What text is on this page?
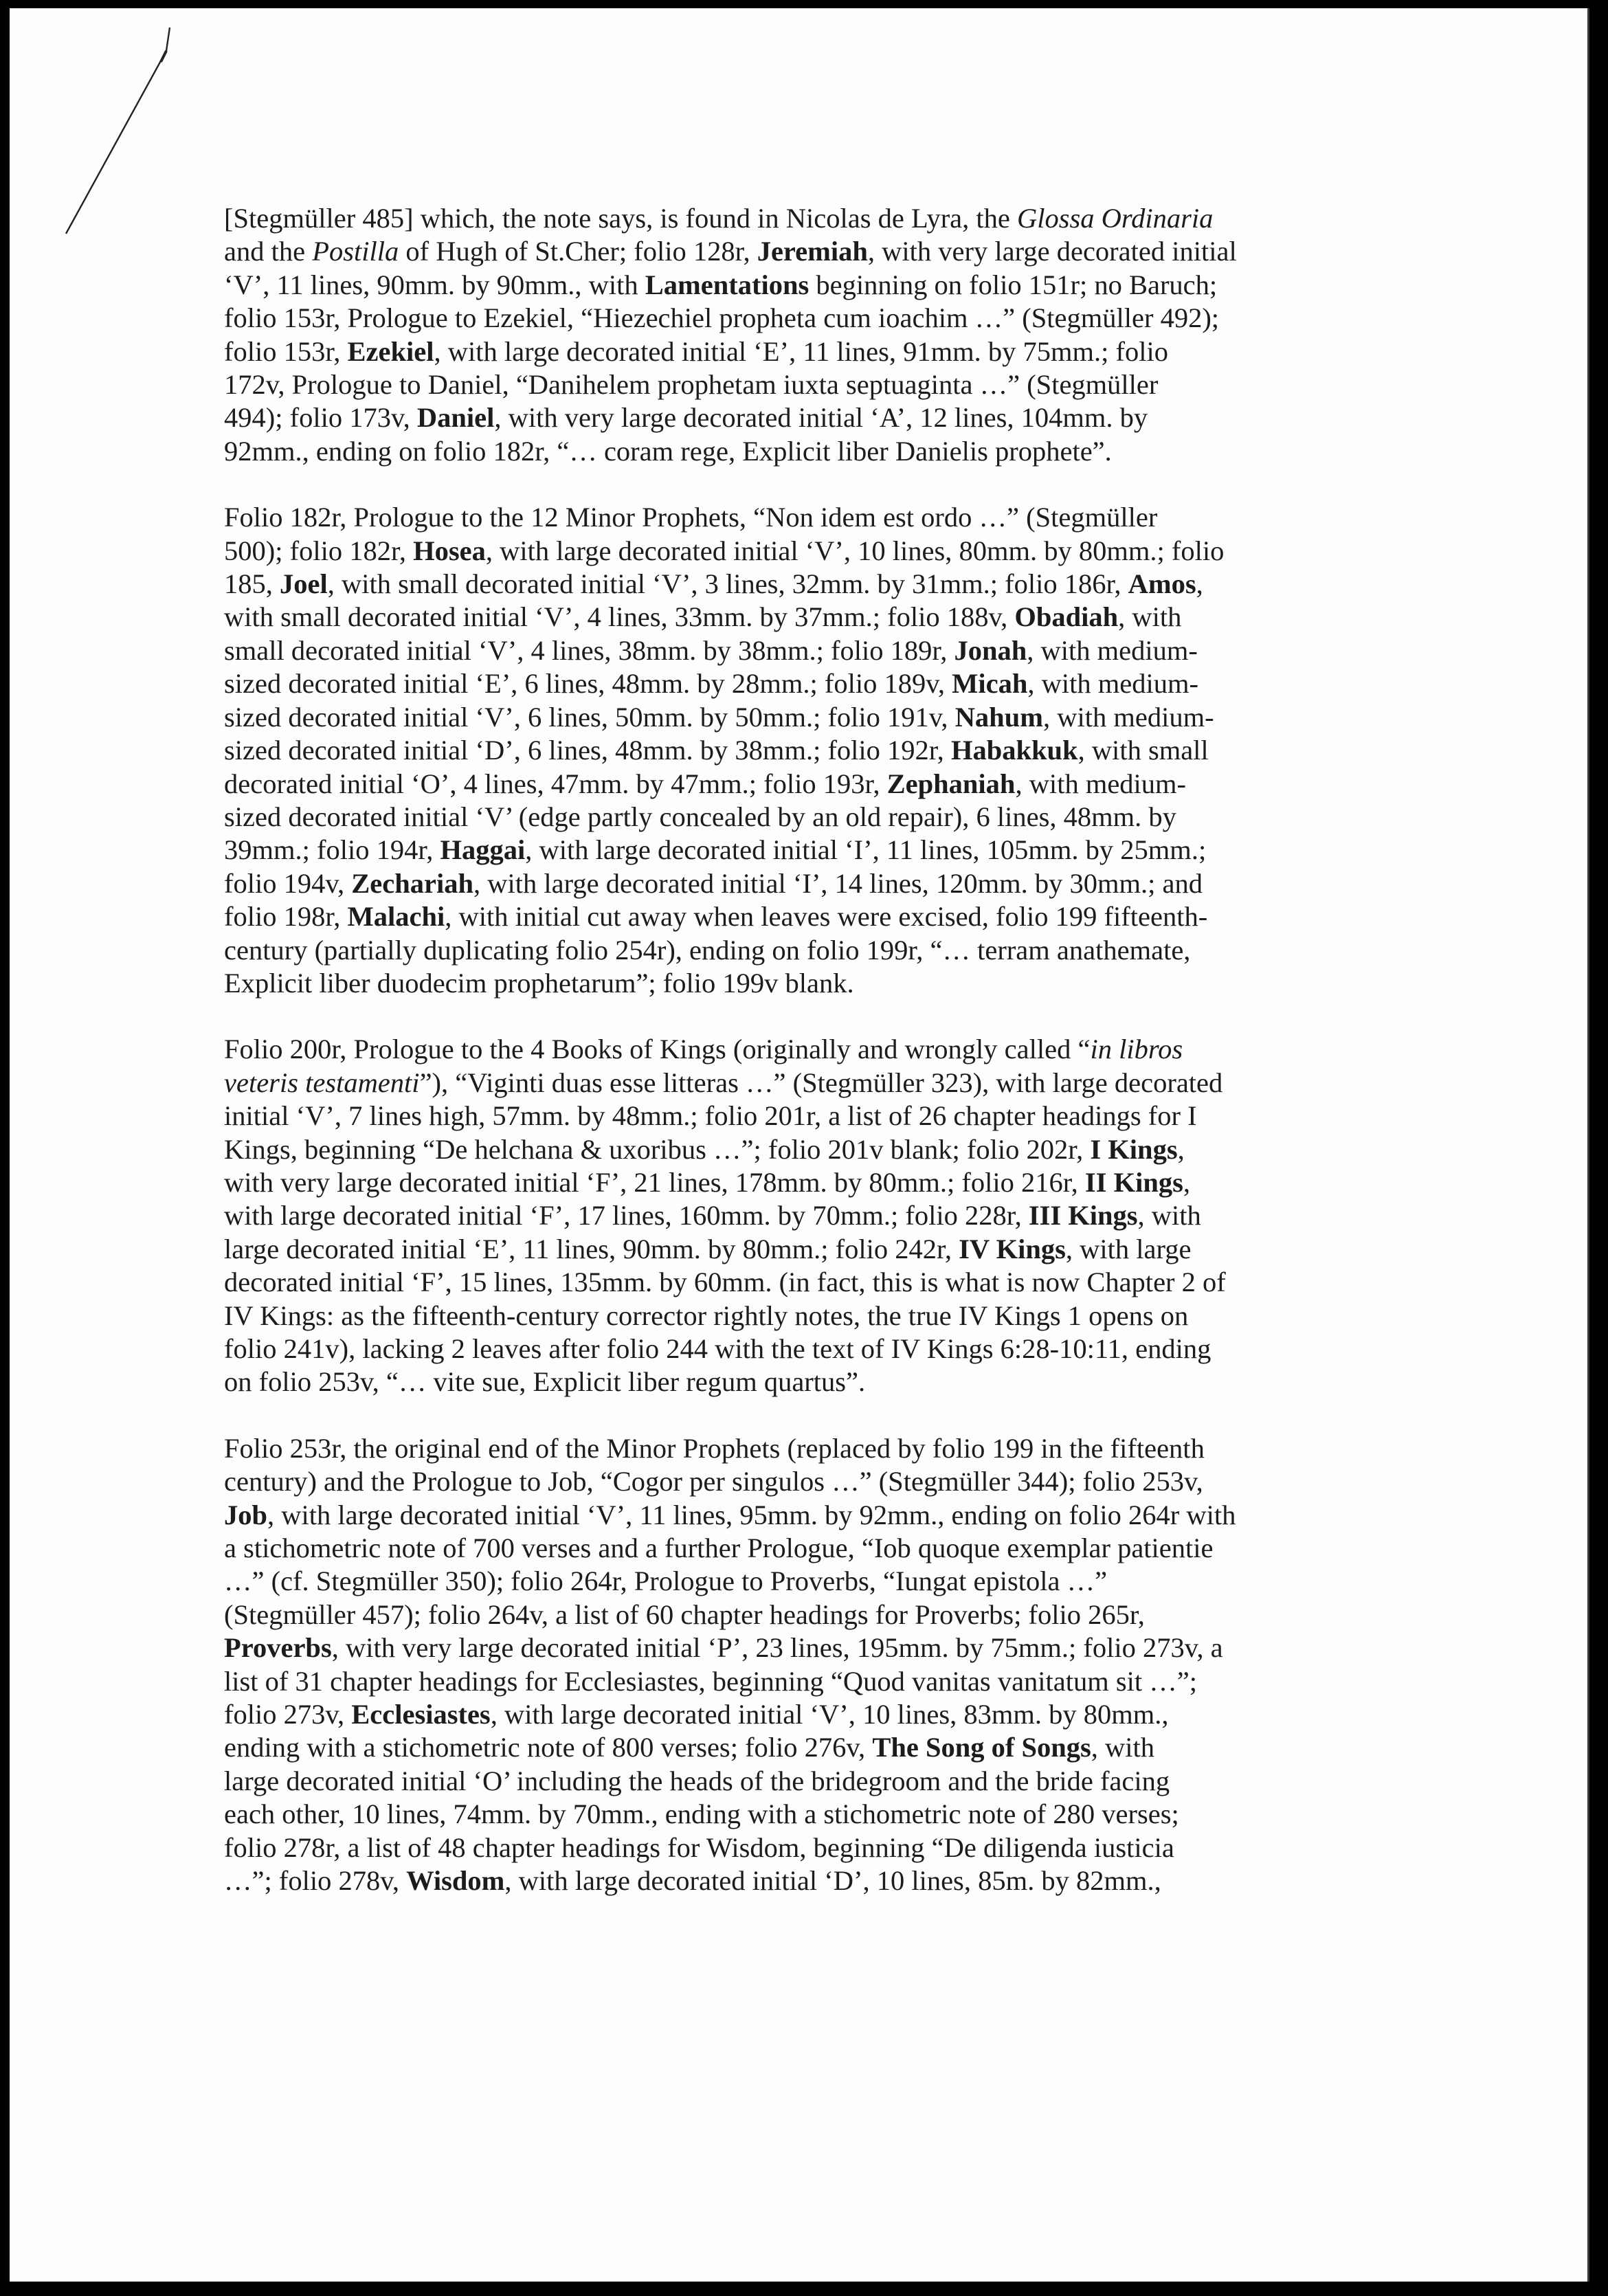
[Stegmüller 485] which, the note says, is found in Nicolas de Lyra, the Glossa Ordinaria
and the Postilla of Hugh of St.Cher; folio 128r, Jeremiah, with very large decorated initial
‘V’, 11 lines, 90mm. by 90mm., with Lamentations beginning on folio 151r; no Baruch;
folio 153r, Prologue to Ezekiel, “Hiezechiel propheta cum ioachim …” (Stegmüller 492);
folio 153r, Ezekiel, with large decorated initial ‘E’, 11 lines, 91mm. by 75mm.; folio
172v, Prologue to Daniel, “Danihelem prophetam iuxta septuaginta …” (Stegmüller
494); folio 173v, Daniel, with very large decorated initial ‘A’, 12 lines, 104mm. by
92mm., ending on folio 182r, “… coram rege, Explicit liber Danielis prophete”.
Folio 182r, Prologue to the 12 Minor Prophets, “Non idem est ordo …” (Stegmüller
500); folio 182r, Hosea, with large decorated initial ‘V’, 10 lines, 80mm. by 80mm.; folio
185, Joel, with small decorated initial ‘V’, 3 lines, 32mm. by 31mm.; folio 186r, Amos,
with small decorated initial ‘V’, 4 lines, 33mm. by 37mm.; folio 188v, Obadiah, with
small decorated initial ‘V’, 4 lines, 38mm. by 38mm.; folio 189r, Jonah, with medium-
sized decorated initial ‘E’, 6 lines, 48mm. by 28mm.; folio 189v, Micah, with medium-
sized decorated initial ‘V’, 6 lines, 50mm. by 50mm.; folio 191v, Nahum, with medium-
sized decorated initial ‘D’, 6 lines, 48mm. by 38mm.; folio 192r, Habakkuk, with small
decorated initial ‘O’, 4 lines, 47mm. by 47mm.; folio 193r, Zephaniah, with medium-
sized decorated initial ‘V’ (edge partly concealed by an old repair), 6 lines, 48mm. by
39mm.; folio 194r, Haggai, with large decorated initial ‘I’, 11 lines, 105mm. by 25mm.;
folio 194v, Zechariah, with large decorated initial ‘I’, 14 lines, 120mm. by 30mm.; and
folio 198r, Malachi, with initial cut away when leaves were excised, folio 199 fifteenth-
century (partially duplicating folio 254r), ending on folio 199r, “… terram anathemate,
Explicit liber duodecim prophetarum”; folio 199v blank.
Folio 200r, Prologue to the 4 Books of Kings (originally and wrongly called “in libros
veteris testamenti”), “Viginti duas esse litteras …” (Stegmüller 323), with large decorated
initial ‘V’, 7 lines high, 57mm. by 48mm.; folio 201r, a list of 26 chapter headings for I
Kings, beginning “De helchana & uxoribus …”; folio 201v blank; folio 202r, I Kings,
with very large decorated initial ‘F’, 21 lines, 178mm. by 80mm.; folio 216r, II Kings,
with large decorated initial ‘F’, 17 lines, 160mm. by 70mm.; folio 228r, III Kings, with
large decorated initial ‘E’, 11 lines, 90mm. by 80mm.; folio 242r, IV Kings, with large
decorated initial ‘F’, 15 lines, 135mm. by 60mm. (in fact, this is what is now Chapter 2 of
IV Kings: as the fifteenth-century corrector rightly notes, the true IV Kings 1 opens on
folio 241v), lacking 2 leaves after folio 244 with the text of IV Kings 6:28-10:11, ending
on folio 253v, “… vite sue, Explicit liber regum quartus”.
Folio 253r, the original end of the Minor Prophets (replaced by folio 199 in the fifteenth
century) and the Prologue to Job, “Cogor per singulos …” (Stegmüller 344); folio 253v,
Job, with large decorated initial ‘V’, 11 lines, 95mm. by 92mm., ending on folio 264r with
a stichometric note of 700 verses and a further Prologue, “Iob quoque exemplar patientie
…” (cf. Stegmüller 350); folio 264r, Prologue to Proverbs, “Iungat epistola …”
(Stegmüller 457); folio 264v, a list of 60 chapter headings for Proverbs; folio 265r,
Proverbs, with very large decorated initial ‘P’, 23 lines, 195mm. by 75mm.; folio 273v, a
list of 31 chapter headings for Ecclesiastes, beginning “Quod vanitas vanitatum sit …”;
folio 273v, Ecclesiastes, with large decorated initial ‘V’, 10 lines, 83mm. by 80mm.,
ending with a stichometric note of 800 verses; folio 276v, The Song of Songs, with
large decorated initial ‘O’ including the heads of the bridegroom and the bride facing
each other, 10 lines, 74mm. by 70mm., ending with a stichometric note of 280 verses;
folio 278r, a list of 48 chapter headings for Wisdom, beginning “De diligenda iusticia
…”; folio 278v, Wisdom, with large decorated initial ‘D’, 10 lines, 85m. by 82mm.,
